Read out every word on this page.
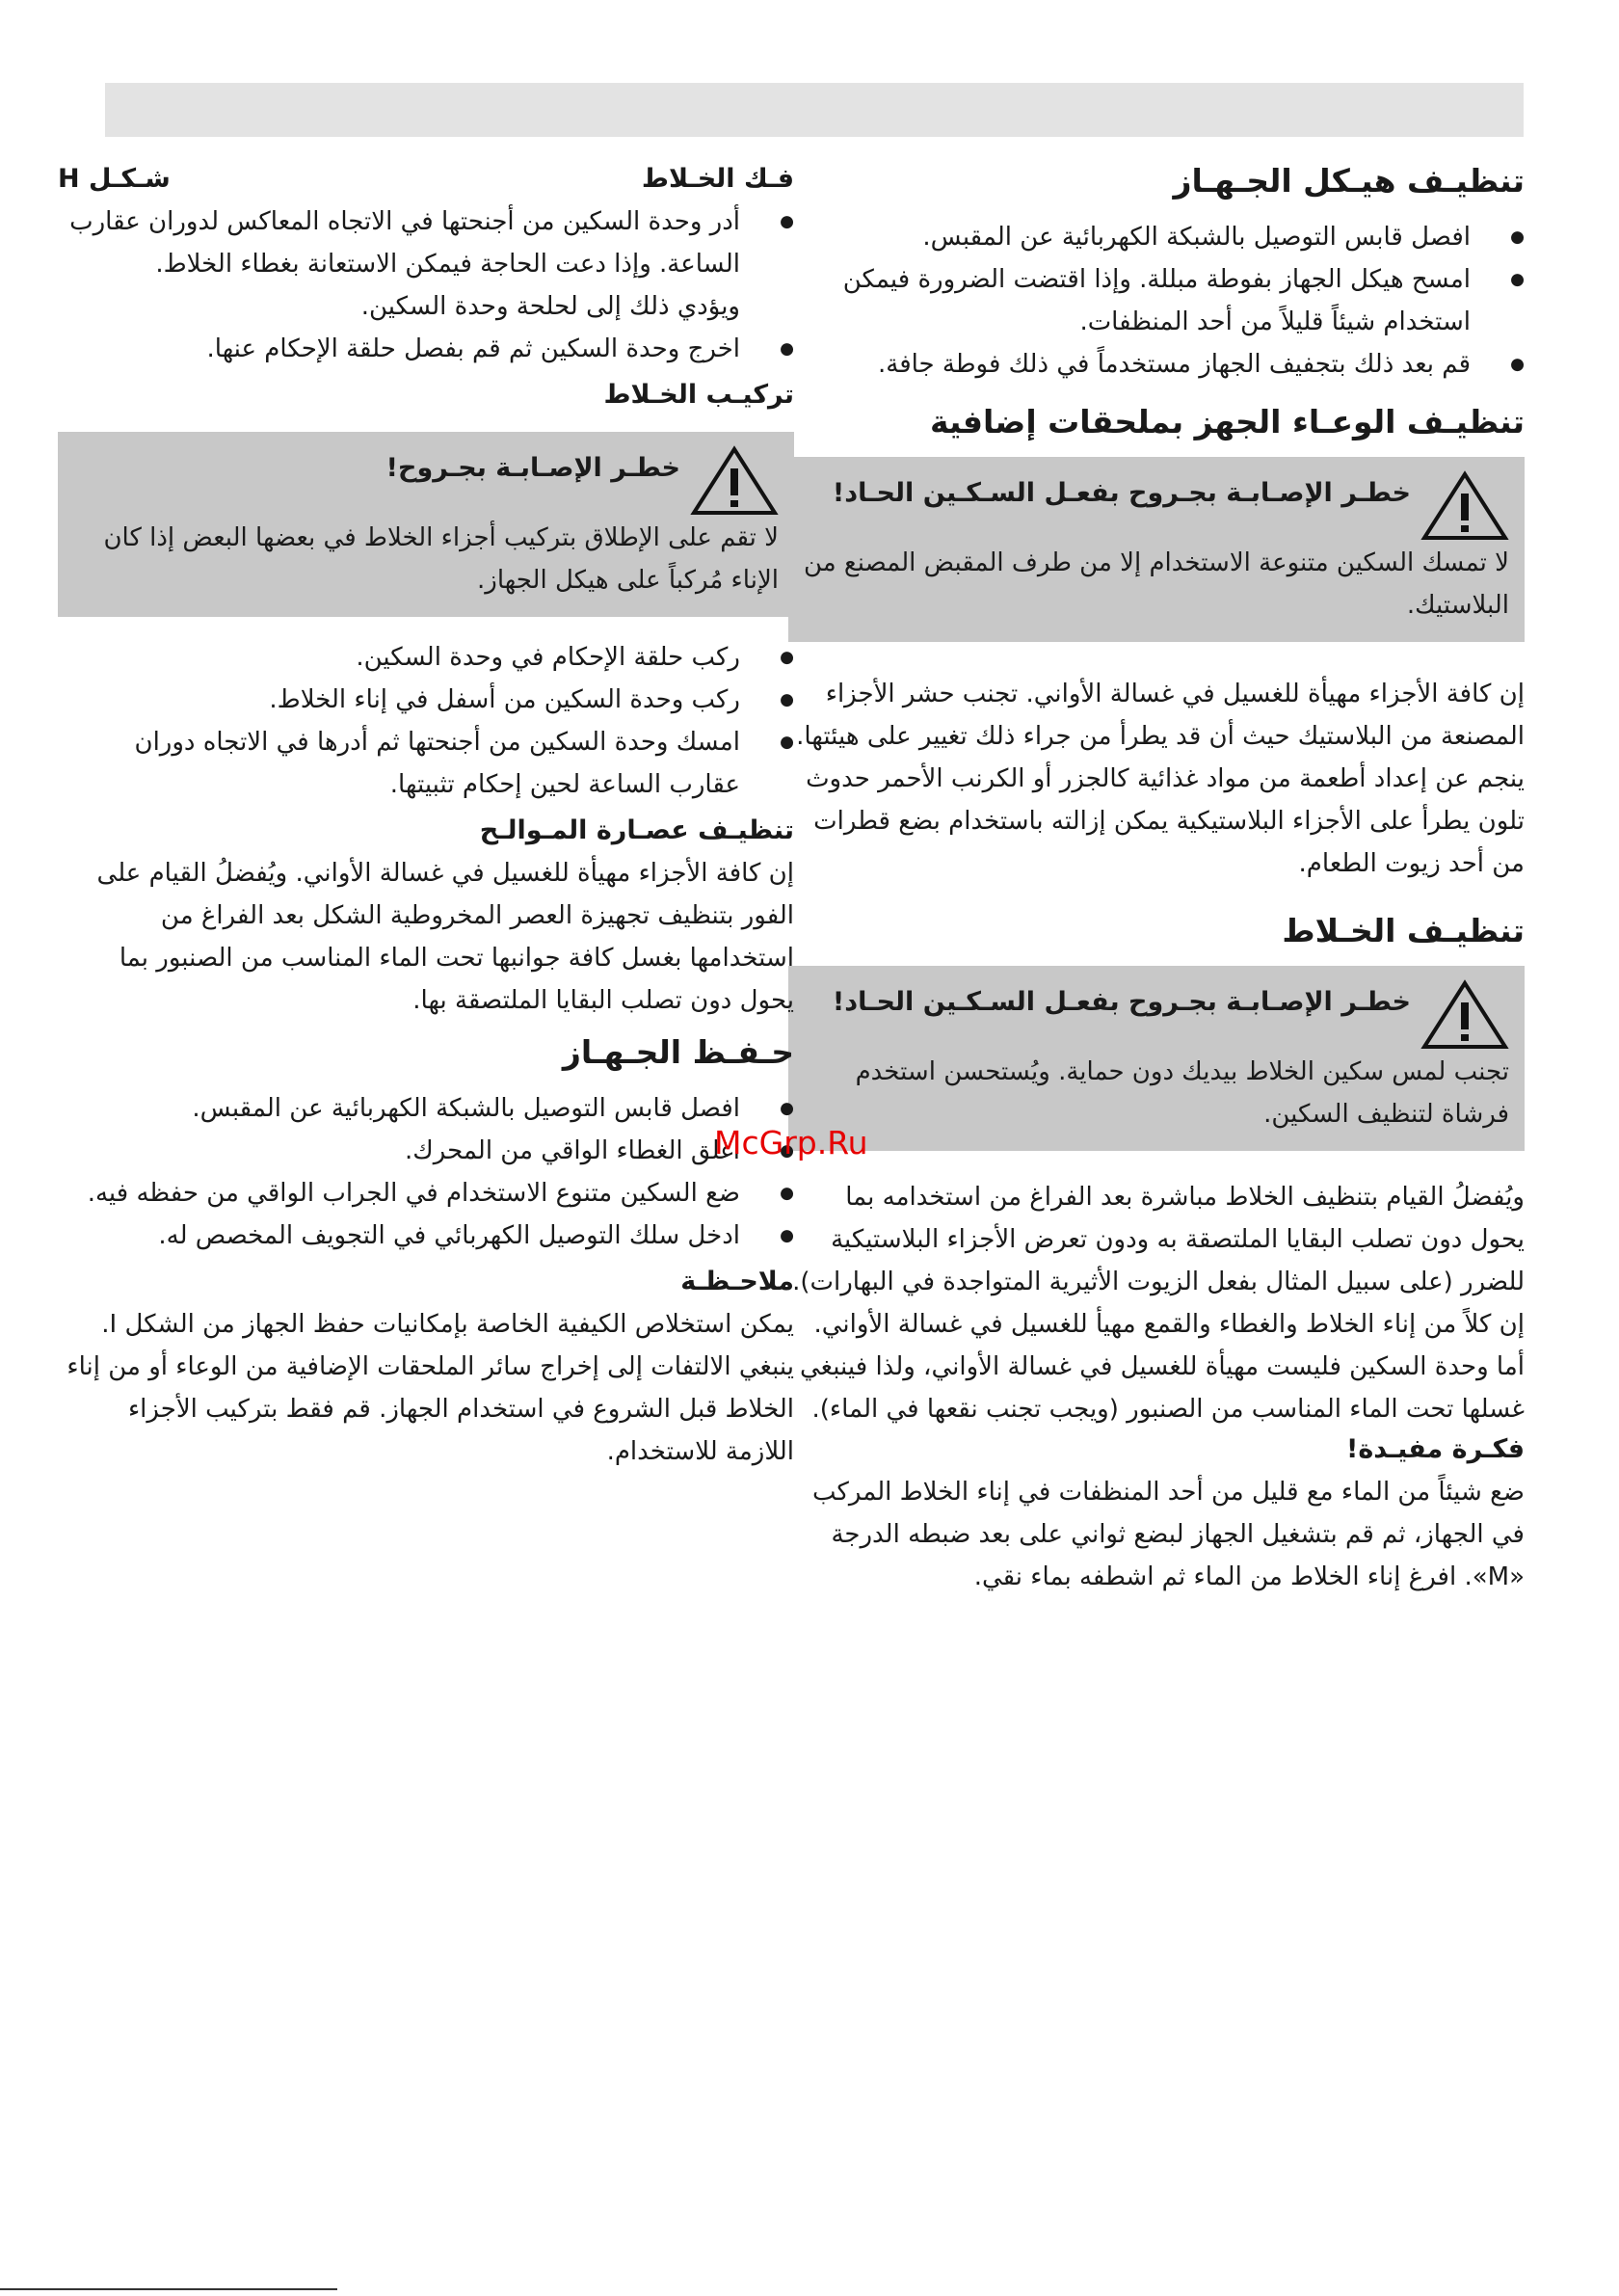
تنظيـف هيـكل الجـهـاز
● افصل قابس التوصيل بالشبكة الكهربائية عن المقبس.
● امسح هيكل الجهاز بفوطة مبللة. وإذا اقتضت الضرورة فيمكن استخدام شيئاً قليلاً من أحد المنظفات.
● قم بعد ذلك بتجفيف الجهاز مستخدماً في ذلك فوطة جافة.
تنظيـف الوعـاء الجهز بملحقات إضافية
خطـر الإصـابـة بجـروح بفعـل السـكـين الحـاد!
لا تمسك السكين متنوعة الاستخدام إلا من طرف المقبض المصنع من البلاستيك.

إن كافة الأجزاء مهيأة للغسيل في غسالة الأواني. تجنب حشر الأجزاء المصنعة من البلاستيك حيث أن قد يطرأ من جراء ذلك تغيير على هيئتها. ينجم عن إعداد أطعمة من مواد غذائية كالجزر أو الكرنب الأحمر حدوث تلون يطرأ على الأجزاء البلاستيكية يمكن إزالته باستخدام بضع قطرات من أحد زيوت الطعام.

تنظيـف الخـلاط
خطـر الإصـابـة بجـروح بفعـل السـكـين الحـاد!
تجنب لمس سكين الخلاط بيديك دون حماية. ويُستحسن استخدم فرشاة لتنظيف السكين.

ويُفضلُ القيام بتنظيف الخلاط مباشرة بعد الفراغ من استخدامه بما يحول دون تصلب البقايا الملتصقة به ودون تعرض الأجزاء البلاستيكية للضرر (على سبيل المثال بفعل الزيوت الأثيرية المتواجدة في البهارات).

إن كلاً من إناء الخلاط والغطاء والقمع مهيأ للغسيل في غسالة الأواني.

أما وحدة السكين فليست مهيأة للغسيل في غسالة الأواني، ولذا فينبغي غسلها تحت الماء المناسب من الصنبور (ويجب تجنب نقعها في الماء).

فكـرة مفيـدة!

ضع شيئاً من الماء مع قليل من أحد المنظفات في إناء الخلاط المركب في الجهاز، ثم قم بتشغيل الجهاز لبضع ثواني على بعد ضبطه الدرجة «M». افرغ إناء الخلاط من الماء ثم اشطفه بماء نقي.

فـك الخـلاط
شـكـل H
● أدر وحدة السكين من أجنحتها في الاتجاه المعاكس لدوران عقارب الساعة. وإذا دعت الحاجة فيمكن الاستعانة بغطاء الخلاط.

ويؤدي ذلك إلى لحلحة وحدة السكين.

● اخرج وحدة السكين ثم قم بفصل حلقة الإحكام عنها.
تركيـب الخـلاط
خطـر الإصـابـة بجـروح!
لا تقم على الإطلاق بتركيب أجزاء الخلاط في بعضها البعض إذا كان الإناء مُركباً على هيكل الجهاز.
● ركب حلقة الإحكام في وحدة السكين.
● ركب وحدة السكين من أسفل في إناء الخلاط.
● امسك وحدة السكين من أجنحتها ثم أدرها في الاتجاه دوران عقارب الساعة لحين إحكام تثبيتها.
تنظيـف عصـارة المـوالـح

إن كافة الأجزاء مهيأة للغسيل في غسالة الأواني. ويُفضلُ القيام على الفور بتنظيف تجهيزة العصر المخروطية الشكل بعد الفراغ من استخدامها بغسل كافة جوانبها تحت الماء المناسب من الصنبور بما يحول دون تصلب البقايا الملتصقة بها.

حـفـظ الجـهـاز
● افصل قابس التوصيل بالشبكة الكهربائية عن المقبس.
● اغلق الغطاء الواقي من المحرك.
● ضع السكين متنوع الاستخدام في الجراب الواقي من حفظه فيه.
● ادخل سلك التوصيل الكهربائي في التجويف المخصص له.
ملاحـظـة

يمكن استخلاص الكيفية الخاصة بإمكانيات حفظ الجهاز من الشكل I. ينبغي الالتفات إلى إخراج سائر الملحقات الإضافية من الوعاء أو من إناء الخلاط قبل الشروع في استخدام الجهاز. قم فقط بتركيب الأجزاء اللازمة للاستخدام.

McGrp.Ru
